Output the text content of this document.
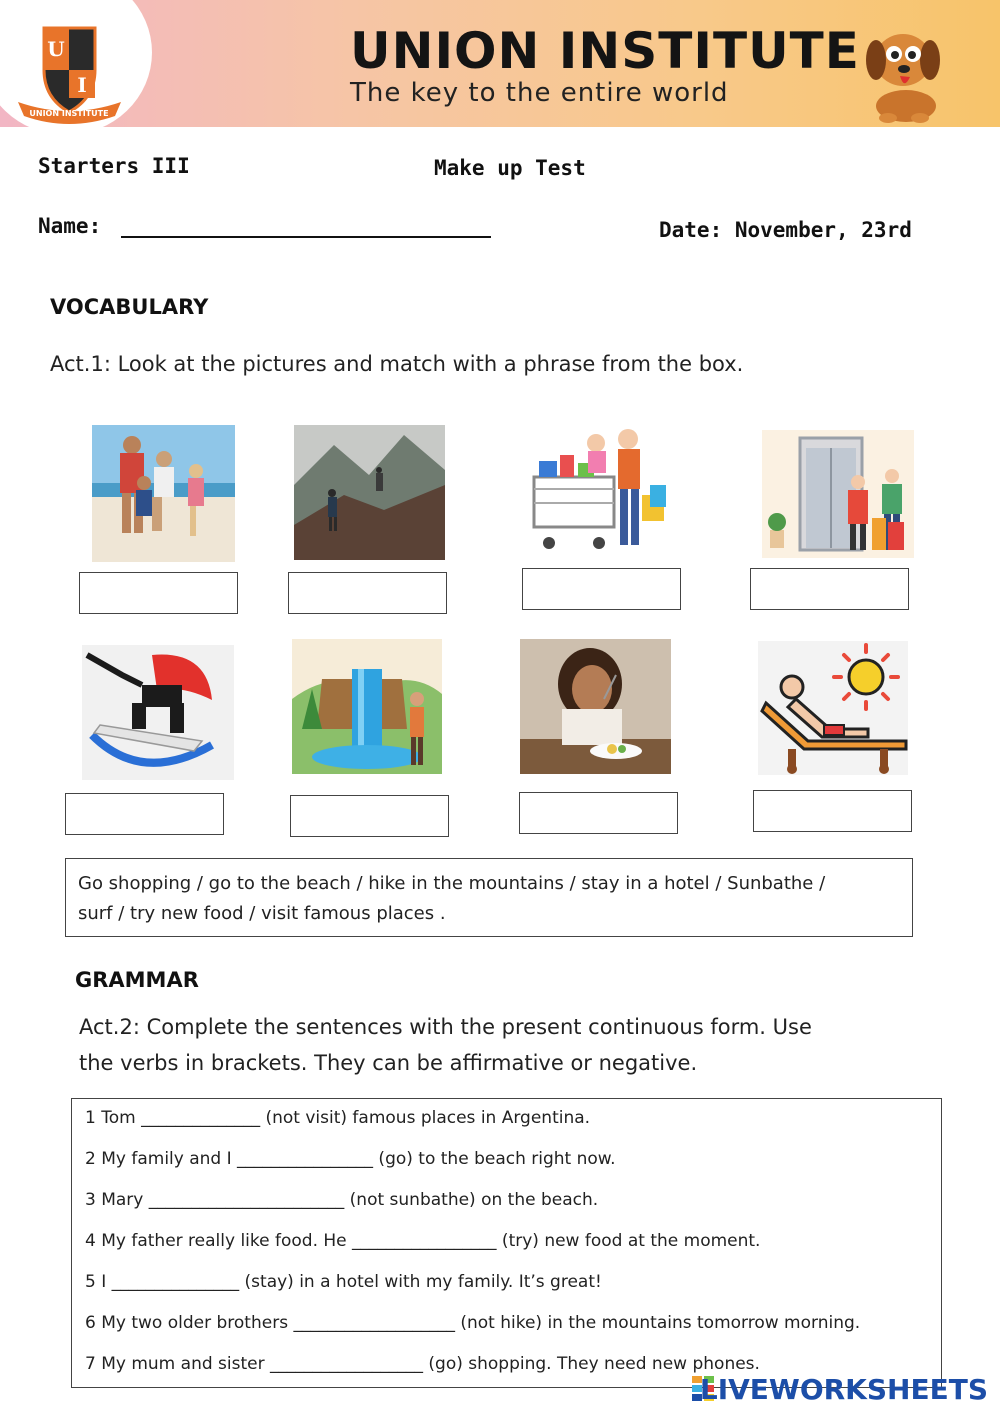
U
I
UNION INSTITUTE
UNION INSTITUTE
The key to the entire world
Starters III	Make up Test
Name:	Date: November, 23rd
VOCABULARY
Act.1: Look at the pictures and match with a phrase from the box.
Go shopping / go to the beach / hike in the mountains / stay in a hotel / Sunbathe /
surf / try new food / visit famous places .
GRAMMAR
Act.2: Complete the sentences with the present continuous form. Use
the verbs in brackets. They can be affirmative or negative.
1 Tom ______________ (not visit) famous places in Argentina.
2 My family and I ________________ (go) to the beach right now.
3 Mary _______________________ (not sunbathe) on the beach.
4 My father really like food. He _________________ (try) new food at the moment.
5 I _______________ (stay) in a hotel with my family. It’s great!
6 My two older brothers ___________________ (not hike) in the mountains tomorrow morning.
7 My mum and sister __________________ (go) shopping. They need new phones.
LIVEWORKSHEETS
